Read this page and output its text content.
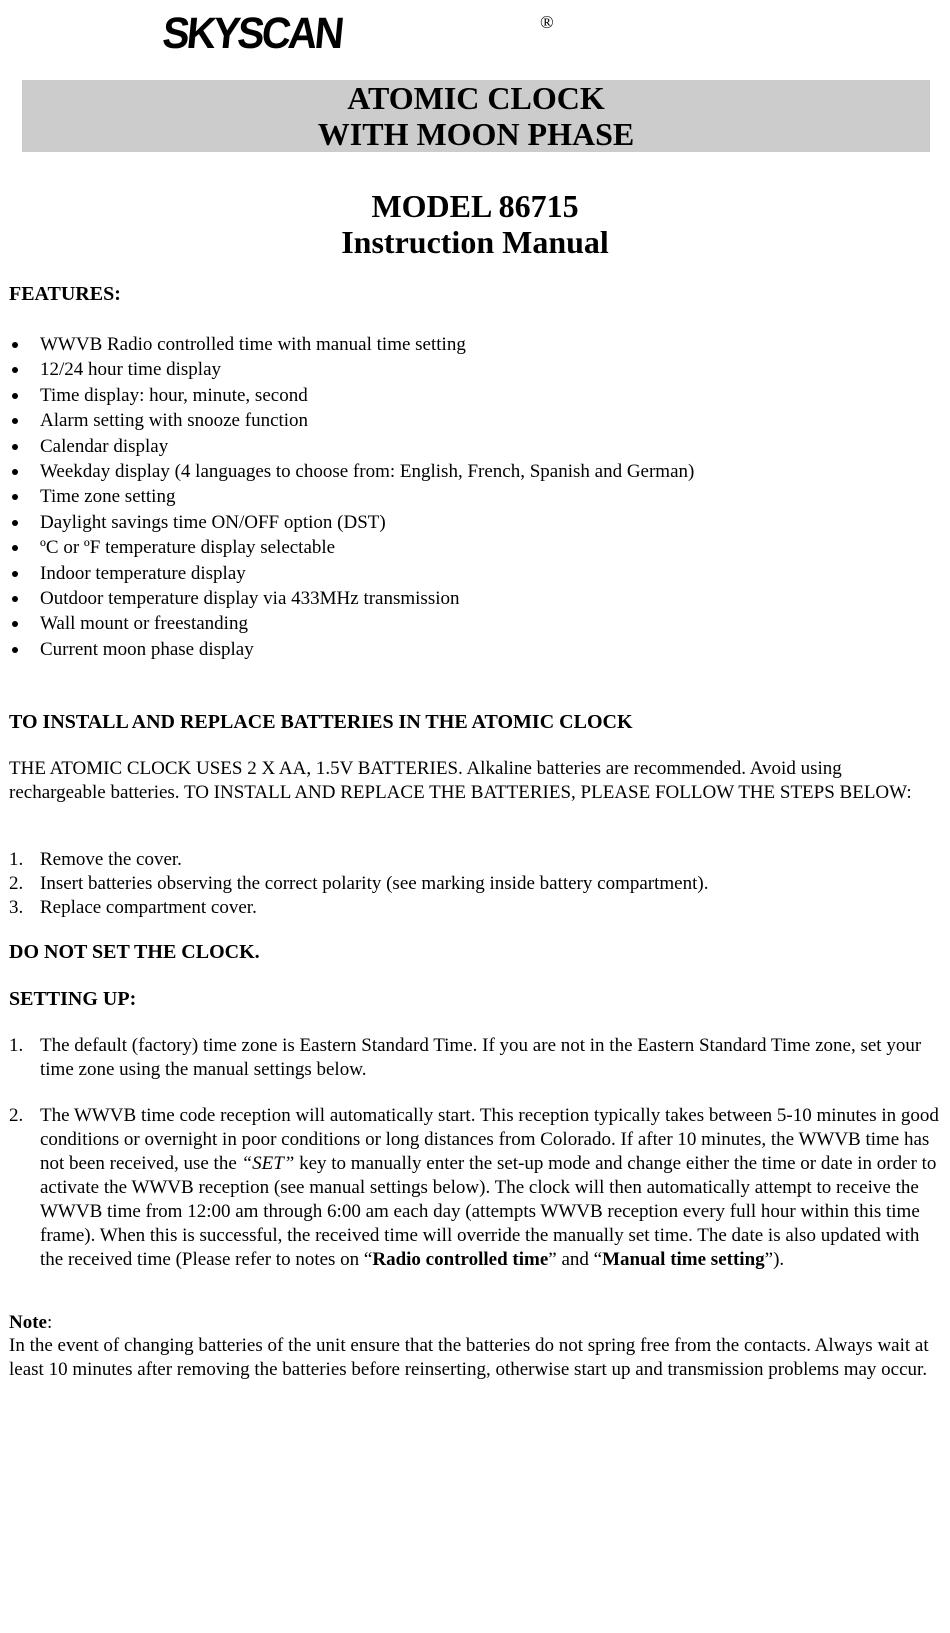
SKYSCAN	®
ATOMIC CLOCK
WITH MOON PHASE
MODEL 86715
Instruction Manual
FEATURES:
WWVB Radio controlled time with manual time setting
12/24 hour time display
Time display: hour, minute, second
Alarm setting with snooze function
Calendar display
Weekday display (4 languages to choose from: English, French, Spanish and German)
Time zone setting
Daylight savings time ON/OFF option (DST)
ºC or ºF temperature display selectable
Indoor temperature display
Outdoor temperature display via 433MHz transmission
Wall mount or freestanding
Current moon phase display
TO INSTALL AND REPLACE BATTERIES IN THE ATOMIC CLOCK
THE ATOMIC CLOCK USES 2 X AA, 1.5V BATTERIES. Alkaline batteries are recommended. Avoid using rechargeable batteries. TO INSTALL AND REPLACE THE BATTERIES, PLEASE FOLLOW THE STEPS BELOW:
1. Remove the cover.
2. Insert batteries observing the correct polarity (see marking inside battery compartment).
3. Replace compartment cover.
DO NOT SET THE CLOCK.
SETTING UP:
1. The default (factory) time zone is Eastern Standard Time. If you are not in the Eastern Standard Time zone, set your time zone using the manual settings below.
2. The WWVB time code reception will automatically start. This reception typically takes between 5-10 minutes in good conditions or overnight in poor conditions or long distances from Colorado. If after 10 minutes, the WWVB time has not been received, use the “SET” key to manually enter the set-up mode and change either the time or date in order to activate the WWVB reception (see manual settings below). The clock will then automatically attempt to receive the WWVB time from 12:00 am through 6:00 am each day (attempts WWVB reception every full hour within this time frame). When this is successful, the received time will override the manually set time. The date is also updated with the received time (Please refer to notes on “Radio controlled time” and “Manual time setting”).
Note:
In the event of changing batteries of the unit ensure that the batteries do not spring free from the contacts. Always wait at least 10 minutes after removing the batteries before reinserting, otherwise start up and transmission problems may occur.
